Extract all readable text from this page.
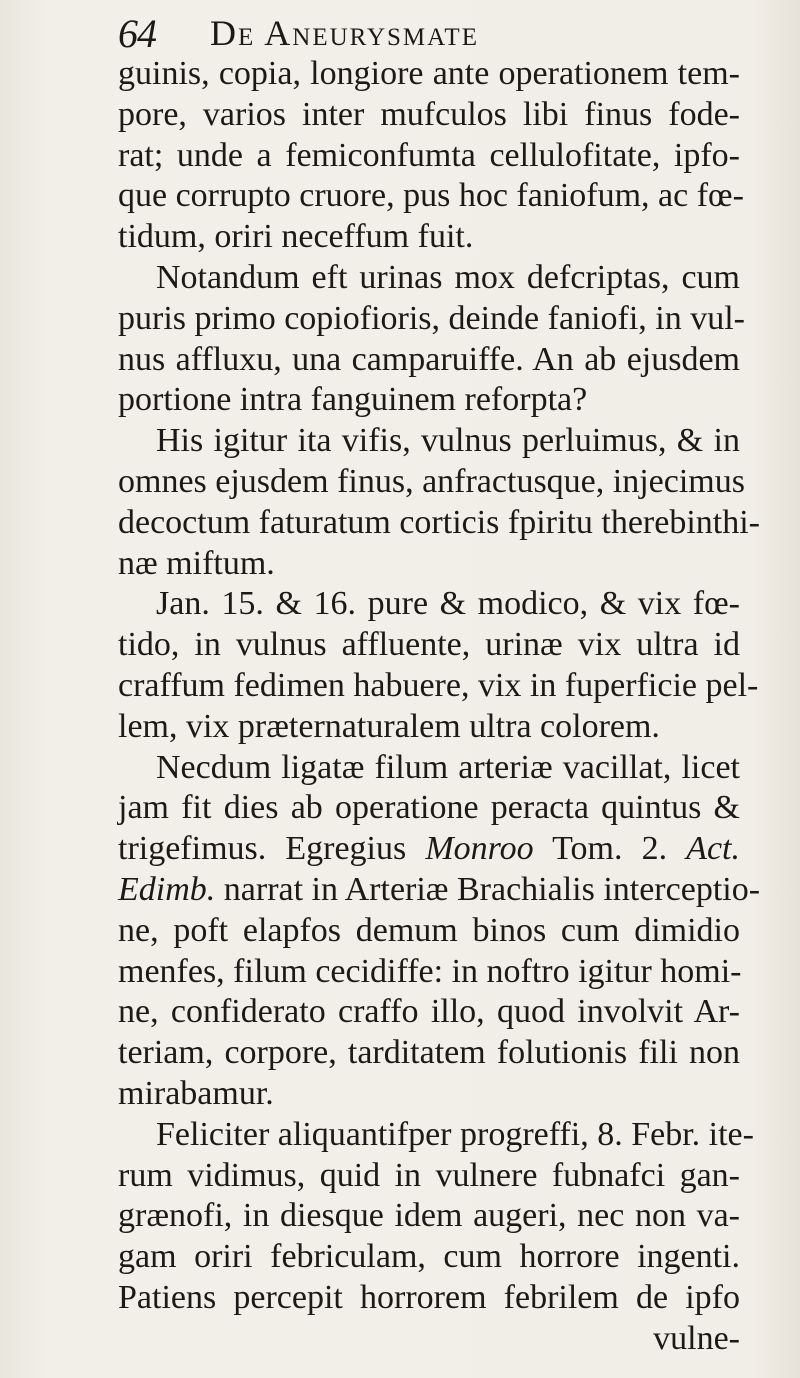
64 De Aneurysmate
guinis, copia, longiore ante operationem tem-
pore, varios inter mufculos libi finus fode-
rat; unde a femiconfumta cellulofitate, ipfo-
que corrupto cruore, pus hoc faniofum, ac fœ-
tidum, oriri neceffum fuit.
Notandum eft urinas mox defcriptas, cum
puris primo copiofioris, deinde faniofi, in vul-
nus affluxu, una camparuiffe. An ab ejusdem
portione intra fanguinem reforpta?
His igitur ita vifis, vulnus perluimus, & in
omnes ejusdem finus, anfractusque, injecimus
decoctum faturatum corticis fpiritu therebinthi-
næ miftum.
Jan. 15. & 16. pure & modico, & vix fœ-
tido, in vulnus affluente, urinæ vix ultra id
craffum fedimen habuere, vix in fuperficie pel-
lem, vix præternaturalem ultra colorem.
Necdum ligatæ filum arteriæ vacillat, licet
jam fit dies ab operatione peracta quintus &
trigefimus. Egregius Monroo Tom. 2. Act.
Edimb. narrat in Arteriæ Brachialis interceptio-
ne, poft elapfos demum binos cum dimidio
menfes, filum cecidiffe: in noftro igitur homi-
ne, confiderato craffo illo, quod involvit Ar-
teriam, corpore, tarditatem folutionis fili non
mirabamur.
Feliciter aliquantifper progreffi, 8. Febr. ite-
rum vidimus, quid in vulnere fubnafci gan-
grænofi, in diesque idem augeri, nec non va-
gam oriri febriculam, cum horrore ingenti.
Patiens percepit horrorem febrilem de ipfo
vulne-
